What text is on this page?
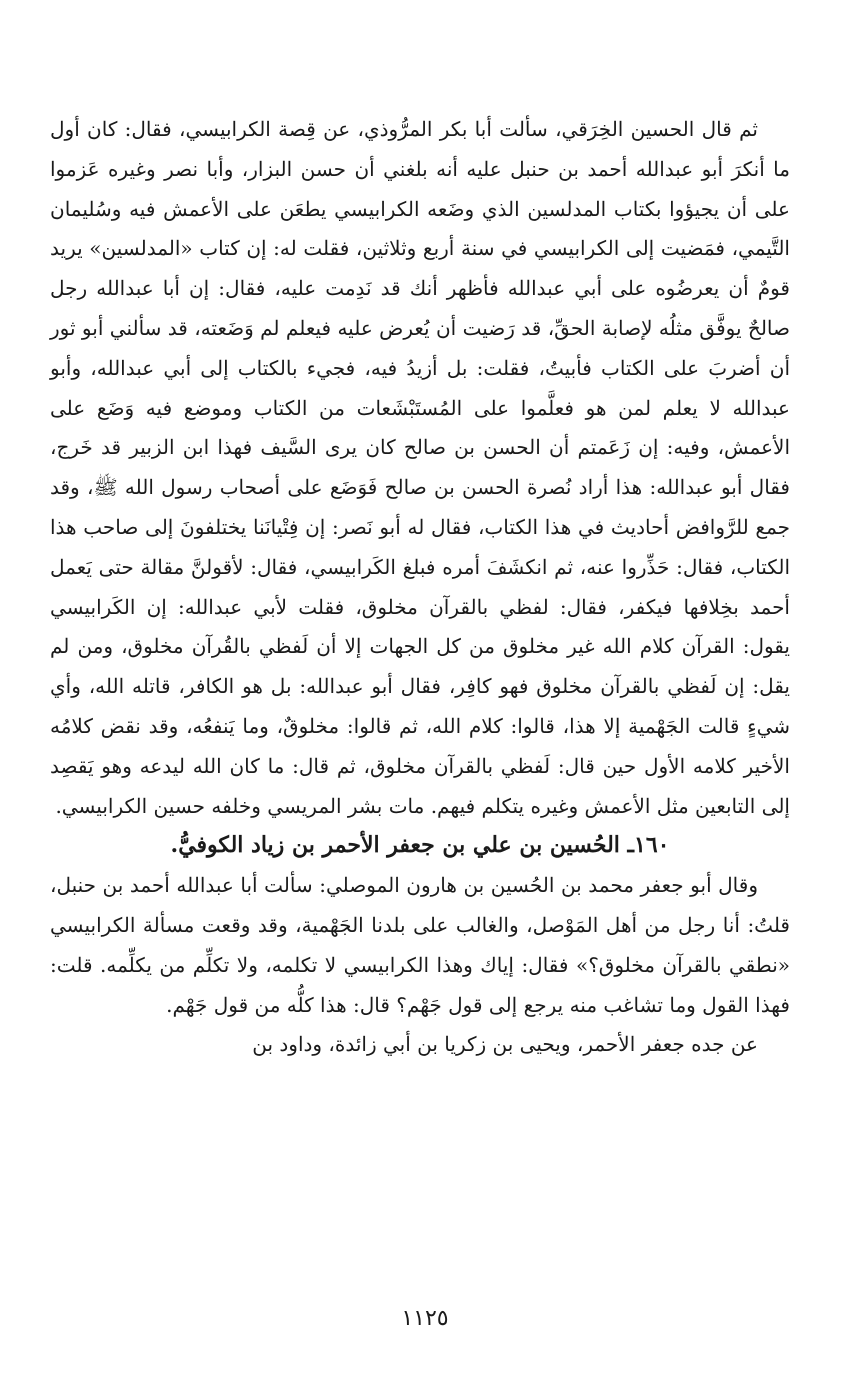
ثم قال الحسين الخِرَقي، سألت أبا بكر المرُّوذي، عن قِصة الكرابيسي، فقال: كان أول ما أنكرَ أبو عبدالله أحمد بن حنبل عليه أنه بلغني أن حسن البزار، وأبا نصر وغيره عَزموا على أن يجيؤوا بكتاب المدلسين الذي وضَعه الكرابيسي يطعَن على الأعمش فيه وسُليمان التَّيمي، فمَضيت إلى الكرابيسي في سنة أربع وثلاثين، فقلت له: إن كتاب «المدلسين» يريد قومٌ أن يعرضُوه على أبي عبدالله فأظهر أنك قد نَدِمت عليه، فقال: إن أبا عبدالله رجل صالحٌ يوفَّق مثلُه لإصابة الحقِّ، قد رَضيت أن يُعرض عليه فيعلم لم وَضَعته، قد سألني أبو ثور أن أضربَ على الكتاب فأبيتُ، فقلت: بل أزيدُ فيه، فجيء بالكتاب إلى أبي عبدالله، وأبو عبدالله لا يعلم لمن هو فعلَّموا على المُستَبْشَعات من الكتاب وموضع فيه وَضَع على الأعمش، وفيه: إن زَعَمتم أن الحسن بن صالح كان يرى السَّيف فهذا ابن الزبير قد خَرج، فقال أبو عبدالله: هذا أراد نُصرة الحسن بن صالح فَوَضَع على أصحاب رسول الله ﷺ، وقد جمع للرَّوافض أحاديث في هذا الكتاب، فقال له أبو نَصر: إن فِتْيانَنا يختلفونَ إلى صاحب هذا الكتاب، فقال: حَذِّروا عنه، ثم انكشَفَ أمره فبلغ الكَرابيسي، فقال: لأقولنَّ مقالة حتى يَعمل أحمد بخِلافها فيكفر، فقال: لفظي بالقرآن مخلوق، فقلت لأبي عبدالله: إن الكَرابيسي يقول: القرآن كلام الله غير مخلوق من كل الجهات إلا أن لَفظي بالقُرآن مخلوق، ومن لم يقل: إن لَفظي بالقرآن مخلوق فهو كافِر، فقال أبو عبدالله: بل هو الكافر، قاتله الله، وأي شيءٍ قالت الجَهْمية إلا هذا، قالوا: كلام الله، ثم قالوا: مخلوقٌ، وما يَنفعُه، وقد نقض كلامُه الأخير كلامه الأول حين قال: لَفظي بالقرآن مخلوق، ثم قال: ما كان الله ليدعه وهو يَقصِد إلى التابعين مثل الأعمش وغيره يتكلم فيهم. مات بشر المريسي وخلفه حسين الكرابيسي.

١٦٠ـ الحُسين بن علي بن جعفر الأحمر بن زياد الكوفيُّ.

وقال أبو جعفر محمد بن الحُسين بن هارون الموصلي: سألت أبا عبدالله أحمد بن حنبل، قلتُ: أنا رجل من أهل المَوْصل، والغالب على بلدنا الجَهْمية، وقد وقعت مسألة الكرابيسي «نطقي بالقرآن مخلوق؟» فقال: إياك وهذا الكرابيسي لا تكلمه، ولا تكلِّم من يكلِّمه. قلت: فهذا القول وما تشاغب منه يرجع إلى قول جَهْم؟ قال: هذا كلُّه من قول جَهْم.

عن جده جعفر الأحمر، ويحيى بن زكريا بن أبي زائدة، وداود بن

١١٢٥
